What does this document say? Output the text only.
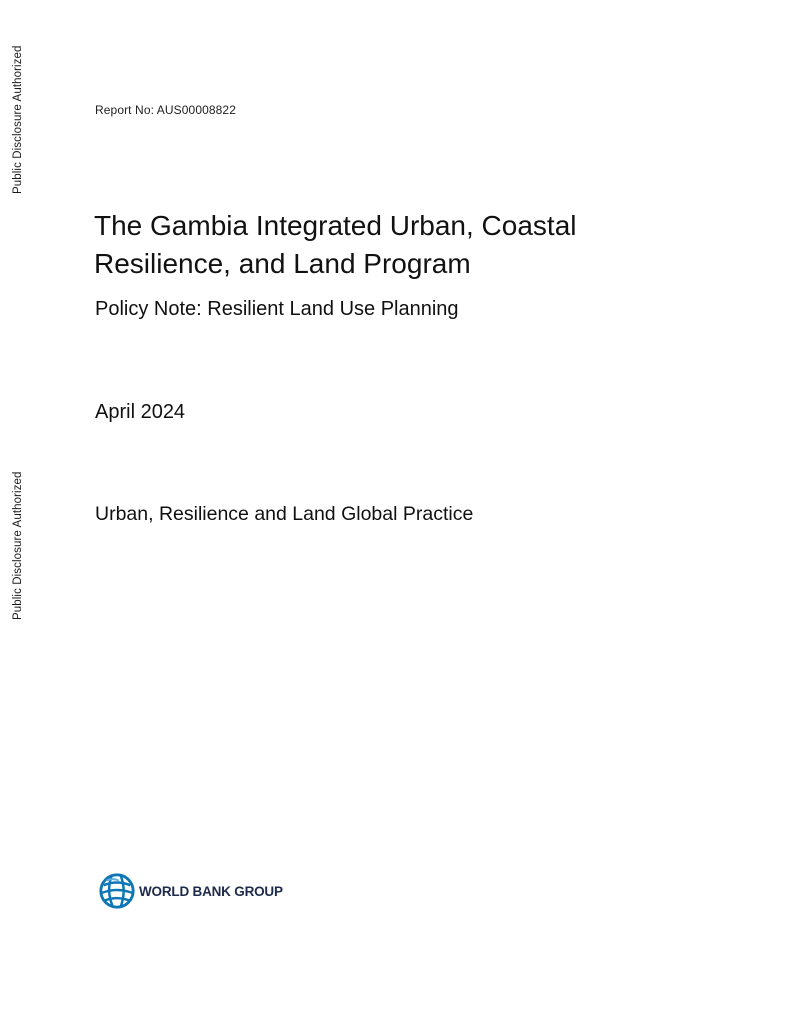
Public Disclosure Authorized
Public Disclosure Authorized
Report No: AUS00008822
The Gambia Integrated Urban, Coastal
Resilience, and Land Program
Policy Note: Resilient Land Use Planning
April 2024
Urban, Resilience and Land Global Practice
WORLD BANK GROUP
